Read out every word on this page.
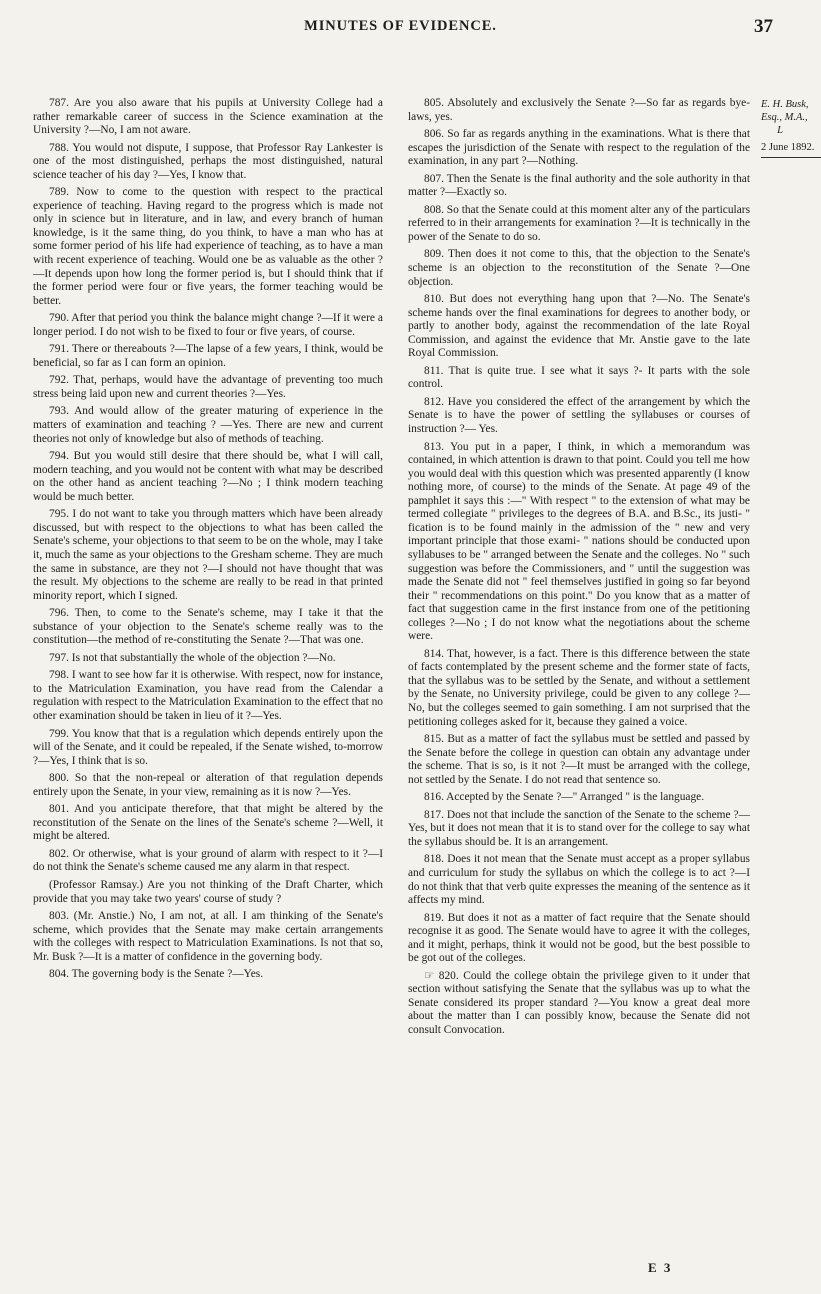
MINUTES OF EVIDENCE.	37

787. Are you also aware that his pupils at University College had a rather remarkable career of success in the Science examination at the University ?—No, I am not aware.

788. You would not dispute, I suppose, that Professor Ray Lankester is one of the most distinguished, perhaps the most distinguished, natural science teacher of his day ?—Yes, I know that.

789. Now to come to the question with respect to the practical experience of teaching. Having regard to the progress which is made not only in science but in literature, and in law, and every branch of human knowledge, is it the same thing, do you think, to have a man who has at some former period of his life had experience of teaching, as to have a man with recent experience of teaching. Would one be as valuable as the other ?—It depends upon how long the former period is, but I should think that if the former period were four or five years, the former teaching would be better.

790. After that period you think the balance might change ?—If it were a longer period. I do not wish to be fixed to four or five years, of course.

791. There or thereabouts ?—The lapse of a few years, I think, would be beneficial, so far as I can form an opinion.

792. That, perhaps, would have the advantage of preventing too much stress being laid upon new and current theories ?—Yes.

793. And would allow of the greater maturing of experience in the matters of examination and teaching ? —Yes. There are new and current theories not only of knowledge but also of methods of teaching.

794. But you would still desire that there should be, what I will call, modern teaching, and you would not be content with what may be described on the other hand as ancient teaching ?—No ; I think modern teaching would be much better.

795. I do not want to take you through matters which have been already discussed, but with respect to the objections to what has been called the Senate's scheme, your objections to that seem to be on the whole, may I take it, much the same as your objections to the Gresham scheme. They are much the same in substance, are they not ?—I should not have thought that was the result. My objections to the scheme are really to be read in that printed minority report, which I signed.

796. Then, to come to the Senate's scheme, may I take it that the substance of your objection to the Senate's scheme really was to the constitution—the method of re-constituting the Senate ?—That was one.

797. Is not that substantially the whole of the objection ?—No.

798. I want to see how far it is otherwise. With respect, now for instance, to the Matriculation Examination, you have read from the Calendar a regulation with respect to the Matriculation Examination to the effect that no other examination should be taken in lieu of it ?—Yes.

799. You know that that is a regulation which depends entirely upon the will of the Senate, and it could be repealed, if the Senate wished, to-morrow ?—Yes, I think that is so.

800. So that the non-repeal or alteration of that regulation depends entirely upon the Senate, in your view, remaining as it is now ?—Yes.

801. And you anticipate therefore, that that might be altered by the reconstitution of the Senate on the lines of the Senate's scheme ?—Well, it might be altered.

802. Or otherwise, what is your ground of alarm with respect to it ?—I do not think the Senate's scheme caused me any alarm in that respect.

(Professor Ramsay.) Are you not thinking of the Draft Charter, which provide that you may take two years' course of study ?

803. (Mr. Anstie.) No, I am not, at all. I am thinking of the Senate's scheme, which provides that the Senate may make certain arrangements with the colleges with respect to Matriculation Examinations. Is not that so, Mr. Busk ?—It is a matter of confidence in the governing body.

804. The governing body is the Senate ?—Yes.

805. Absolutely and exclusively the Senate ?—So far as regards bye-laws, yes.

806. So far as regards anything in the examinations. What is there that escapes the jurisdiction of the Senate with respect to the regulation of the examination, in any part ?—Nothing.

807. Then the Senate is the final authority and the sole authority in that matter ?—Exactly so.

808. So that the Senate could at this moment alter any of the particulars referred to in their arrangements for examination ?—It is technically in the power of the Senate to do so.

809. Then does it not come to this, that the objection to the Senate's scheme is an objection to the reconstitution of the Senate ?—One objection.

810. But does not everything hang upon that ?—No. The Senate's scheme hands over the final examinations for degrees to another body, or partly to another body, against the recommendation of the late Royal Commission, and against the evidence that Mr. Anstie gave to the late Royal Commission.

811. That is quite true. I see what it says ?- It parts with the sole control.

812. Have you considered the effect of the arrangement by which the Senate is to have the power of settling the syllabuses or courses of instruction ?— Yes.

813. You put in a paper, I think, in which a memorandum was contained, in which attention is drawn to that point. Could you tell me how you would deal with this question which was presented apparently (I know nothing more, of course) to the minds of the Senate. At page 49 of the pamphlet it says this :—" With respect " to the extension of what may be termed collegiate " privileges to the degrees of B.A. and B.Sc., its justi- " fication is to be found mainly in the admission of the " new and very important principle that those exami- " nations should be conducted upon syllabuses to be " arranged between the Senate and the colleges. No " such suggestion was before the Commissioners, and " until the suggestion was made the Senate did not " feel themselves justified in going so far beyond their " recommendations on this point." Do you know that as a matter of fact that suggestion came in the first instance from one of the petitioning colleges ?—No ; I do not know what the negotiations about the scheme were.

814. That, however, is a fact. There is this difference between the state of facts contemplated by the present scheme and the former state of facts, that the syllabus was to be settled by the Senate, and without a settlement by the Senate, no University privilege, could be given to any college ?—No, but the colleges seemed to gain something. I am not surprised that the petitioning colleges asked for it, because they gained a voice.

815. But as a matter of fact the syllabus must be settled and passed by the Senate before the college in question can obtain any advantage under the scheme. That is so, is it not ?—It must be arranged with the college, not settled by the Senate. I do not read that sentence so.

816. Accepted by the Senate ?—" Arranged " is the language.

817. Does not that include the sanction of the Senate to the scheme ?—Yes, but it does not mean that it is to stand over for the college to say what the syllabus should be. It is an arrangement.

818. Does it not mean that the Senate must accept as a proper syllabus and curriculum for study the syllabus on which the college is to act ?—I do not think that that verb quite expresses the meaning of the sentence as it affects my mind.

819. But does it not as a matter of fact require that the Senate should recognise it as good. The Senate would have to agree it with the colleges, and it might, perhaps, think it would not be good, but the best possible to be got out of the colleges.

☞ 820. Could the college obtain the privilege given to it under that section without satisfying the Senate that the syllabus was up to what the Senate considered its proper standard ?—You know a great deal more about the matter than I can possibly know, because the Senate did not consult Convocation.

E. H. Busk,
Esq., M.A.,
L
2 June 1892.
E 3
